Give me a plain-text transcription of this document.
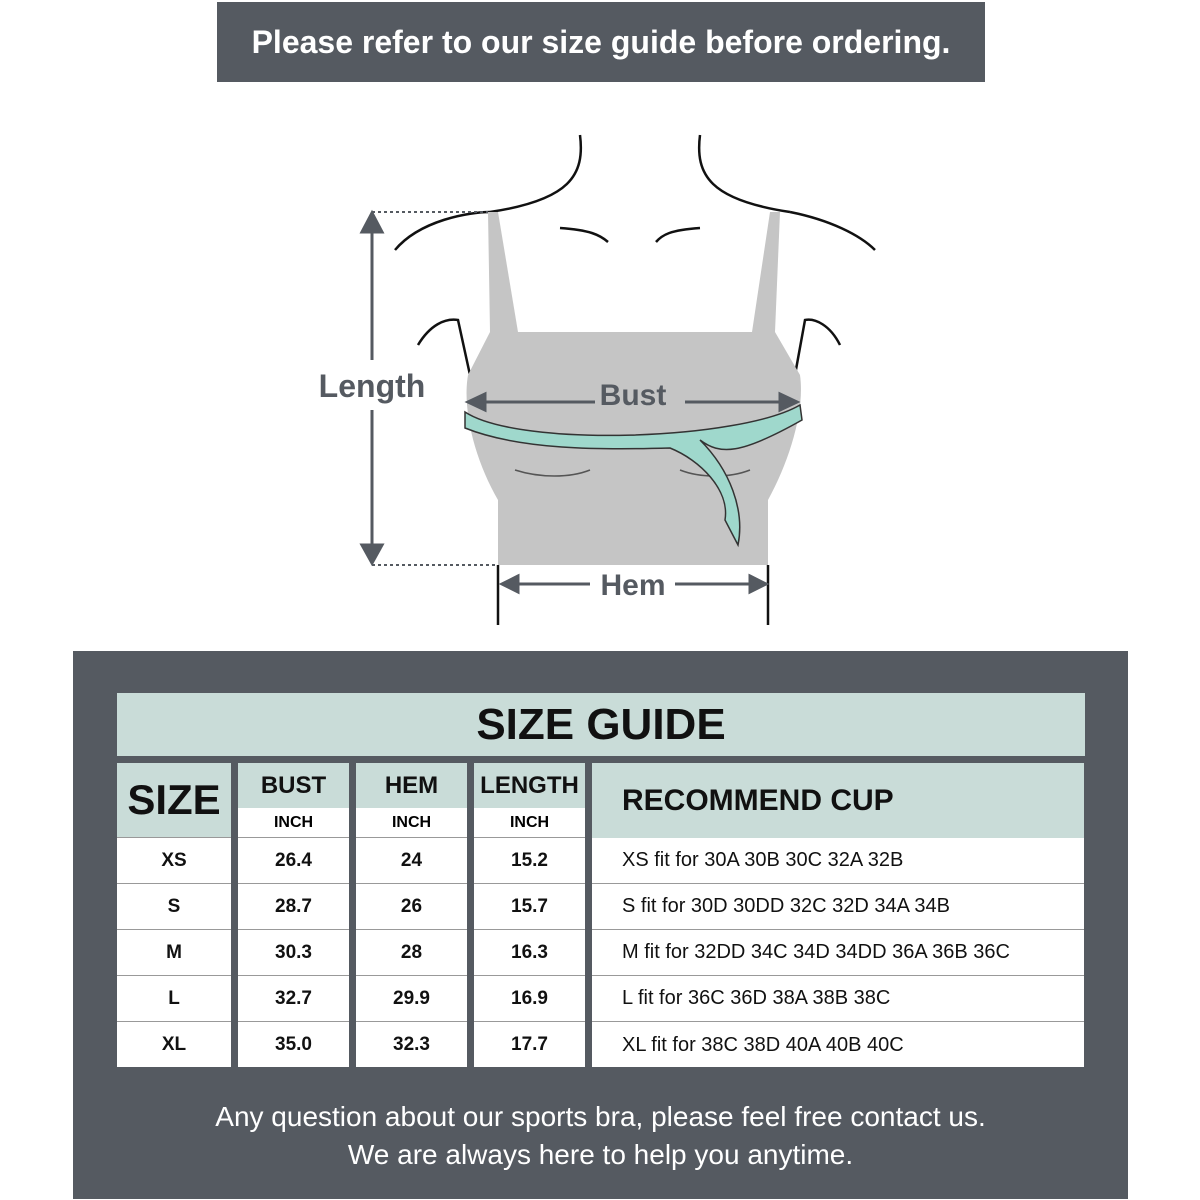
Please refer to our size guide before ordering.
Length	Bust
Hem
SIZE GUIDE
SIZE
XS
S
M
L
XL
BUST
INCH
26.4
28.7
30.3
32.7
35.0
HEM
INCH
24
26
28
29.9
32.3
LENGTH
INCH
15.2
15.7
16.3
16.9
17.7
RECOMMEND CUP
XS fit for 30A 30B 30C 32A 32B
S fit for 30D 30DD 32C 32D 34A 34B
M fit for 32DD 34C 34D 34DD 36A 36B 36C
L fit for 36C 36D 38A 38B 38C
XL fit for 38C 38D 40A 40B 40C
Any question about our sports bra, please feel free contact us.
We are always here to help you anytime.
